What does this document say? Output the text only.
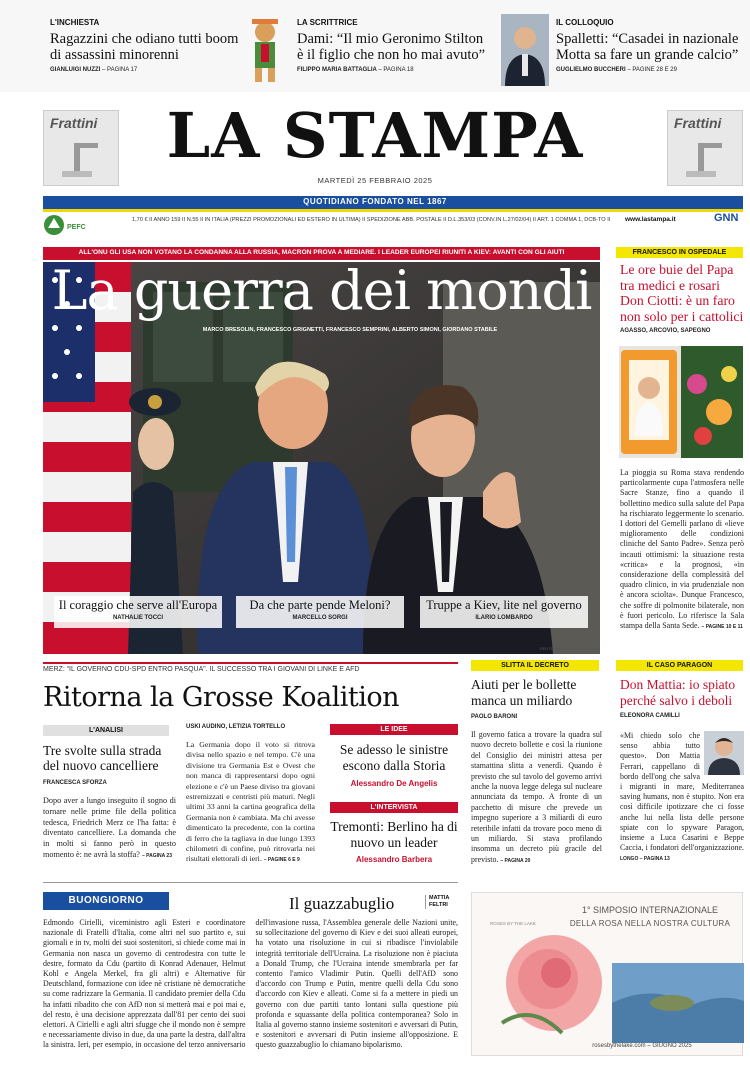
L'INCHIESTA
Ragazzini che odiano tutti boom di assassini minorenni
GIANLUIGI NUZZI – PAGINA 17
LA SCRITTRICE
Dami: “Il mio Geronimo Stilton è il figlio che non ho mai avuto”
FILIPPO MARIA BATTAGLIA – PAGINA 18
IL COLLOQUIO
Spalletti: “Casadei in nazionale Motta sa fare un grande calcio”
GUGLIELMO BUCCHERI – PAGINE 28 E 29
Frattini	LA STAMPA	Frattini
MARTEDÌ 25 FEBBRAIO 2025
QUOTIDIANO FONDATO NEL 1867
PEFC
1,70 € II ANNO 159 II N.55 II IN ITALIA (PREZZI PROMOZIONALI ED ESTERO IN ULTIMA) II SPEDIZIONE ABB. POSTALE II D.L.353/03 (CONV.IN L.27/02/04) II ART. 1 COMMA 1, DCB-TO II	www.lastampa.it	GNN
ALL'ONU GLI USA NON VOTANO LA CONDANNA ALLA RUSSIA, MACRON PROVA A MEDIARE. I LEADER EUROPEI RIUNITI A KIEV: AVANTI CON GLI AIUTI
La guerra dei mondi
MARCO BRESOLIN, FRANCESCO GRIGNETTI, FRANCESCO SEMPRINI, ALBERTO SIMONI, GIORDANO STABILE
Il coraggio che serve all'Europa
NATHALIE TOCCI
Da che parte pende Meloni?
MARCELLO SORGI
Truppe a Kiev, lite nel governo
ILARIO LOMBARDO
REUTERS/EVELYN HOCKSTEIN
FRANCESCO IN OSPEDALE
Le ore buie del Papa tra medici e rosari Don Ciotti: è un faro non solo per i cattolici
AGASSO, ARCOVIO, SAPEGNO
La pioggia su Roma stava rendendo particolarmente cupa l'atmosfera nelle Sacre Stanze, fino a quando il bollettino medico sulla salute del Papa ha rischiarato leggermente lo scenario. I dottori del Gemelli parlano di «lieve miglioramento delle condizioni cliniche del Santo Padre». Senza però incauti ottimismi: la situazione resta «critica» e la prognosi, «in considerazione della complessità del quadro clinico, in via prudenziale non è ancora sciolta». Dunque Francesco, che soffre di polmonite bilaterale, non è fuori pericolo. Lo riferisce la Sala stampa della Santa Sede. – PAGINE 10 E 11
MERZ: “IL GOVERNO CDU-SPD ENTRO PASQUA”. IL SUCCESSO TRA I GIOVANI DI LINKE E AFD
Ritorna la Grosse Koalition
L'ANALISI
Tre svolte sulla strada del nuovo cancelliere
FRANCESCA SFORZA
Dopo aver a lungo inseguito il sogno di tornare nelle prime file della politica tedesca, Friedrich Merz ce l'ha fatta: è diventato cancelliere. La domanda che in molti si fanno però in questo momento è: ne avrà la stoffa? – PAGINA 23
USKI AUDINO, LETIZIA TORTELLO
La Germania dopo il voto si ritrova divisa nello spazio e nel tempo. C'è una divisione tra Germania Est e Ovest che non manca di rappresentarsi dopo ogni elezione e c'è un Paese diviso tra giovani estremizzati e centristi più maturi. Negli ultimi 33 anni la cartina geografica della Germania non è cambiata. Ma chi avesse dimenticato la precedente, con la cortina di ferro che la tagliava in due lungo 1393 chilometri di confine, può ritrovarla nei risultati elettorali di ieri. – PAGINE 6 E 9
LE IDEE
Se adesso le sinistre escono dalla Storia
Alessandro De Angelis
L'INTERVISTA
Tremonti: Berlino ha di nuovo un leader
Alessandro Barbera
SLITTA IL DECRETO
Aiuti per le bollette manca un miliardo
PAOLO BARONI
Il governo fatica a trovare la quadra sul nuovo decreto bollette e così la riunione del Consiglio dei ministri attesa per stamattina slitta a venerdì. Quando è previsto che sul tavolo del governo arrivi anche la nuova legge delega sul nucleare annunciata da tempo. A fronte di un pacchetto di misure che prevede un impegno superiore a 3 miliardi di euro reteribile infatti da trovare poco meno di un miliardo. Si stava profilando insomma un decreto più gracile del previsto. – PAGINA 20
IL CASO PARAGON
Don Mattia: io spiato perché salvo i deboli
ELEONORA CAMILLI
«Mi chiedo solo che senso abbia tutto questo». Don Mattia Ferrari, cappellano di bordo dell'ong che salva i migranti in mare, Mediterranea saving humans, non è stupito. Non era così difficile ipotizzare che ci fosse anche lui nella lista delle persone spiate con lo spyware Paragon, insieme a Luca Casarini e Beppe Caccia, i fondatori dell'organizzazione. LONGO – PAGINA 13
BUONGIORNO	Il guazzabuglio	MATTIA FELTRI
Edmondo Cirielli, viceministro agli Esteri e coordinatore nazionale di Fratelli d'Italia, come altri nel suo partito e, sui giornali e in tv, molti dei suoi sostenitori, si chiede come mai in Germania non nasca un governo di centrodestra con tutte le destre, formato da Cdu (partito di Konrad Adenauer, Helmut Kohl e Angela Merkel, fra gli altri) e Alternative für Deutschland, formazione con idee nè cristiane nè democratiche su come radrizzare la Germania. Il candidato premier della Cdu ha infatti ribadito che con AfD non si metterà mai e poi mai e, del resto, è una decisione apprezzata dall'81 per cento dei suoi elettori. A Cirielli e agli altri sfugge che il mondo non è sempre e necessariamente diviso in due, da una parte la destra, dall'altra la sinistra. Ieri, per esempio, in occasione del terzo anniversario dell'invasione russa, l'Assemblea generale delle Nazioni unite, su sollecitazione del governo di Kiev e dei suoi alleati europei, ha votato una risoluzione in cui si ribadisce l'inviolabile integrità territoriale dell'Ucraina. La risoluzione non è piaciuta a Donald Trump, che l'Ucraina intende smembrarla per far contento l'amico Vladimir Putin. Quelli dell'AfD sono d'accordo con Trump e Putin, mentre quelli della Cdu sono d'accordo con Kiev e alleati. Come si fa a mettere in piedi un governo con due partiti tanto lontani sulla questione più profonda e squassante della politica contemporanea? Solo in Italia al governo stanno insieme sostenitori e avversari di Putin, e sostenitori e avversari di Putin insieme all'opposizione. E questo guazzabuglio lo chiamano bipolarismo.
ROSES BY THE LAKE
1° SIMPOSIO INTERNAZIONALE
DELLA ROSA NELLA NOSTRA CULTURA
rosesbythelake.com – GIUGNO 2025
